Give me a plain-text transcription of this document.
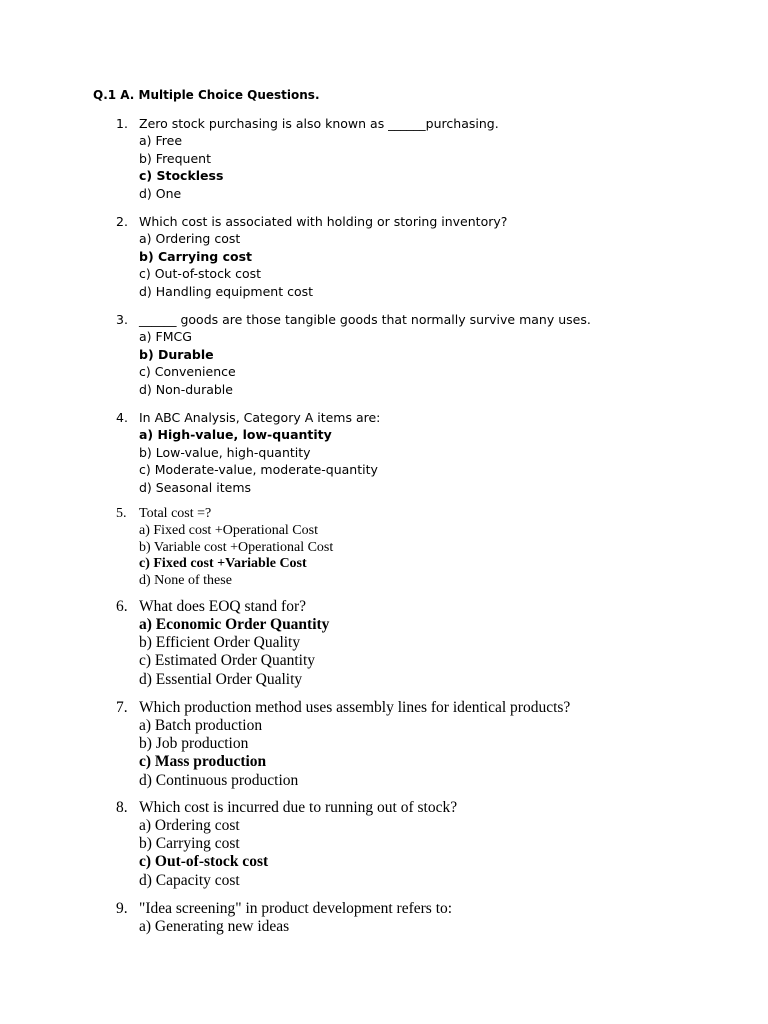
Q.1 A. Multiple Choice Questions.
1. Zero stock purchasing is also known as ______purchasing.
a) Free
b) Frequent
c) Stockless
d) One
2. Which cost is associated with holding or storing inventory?
a) Ordering cost
b) Carrying cost
c) Out-of-stock cost
d) Handling equipment cost
3. ______ goods are those tangible goods that normally survive many uses.
a) FMCG
b) Durable
c) Convenience
d) Non-durable
4. In ABC Analysis, Category A items are:
a) High-value, low-quantity
b) Low-value, high-quantity
c) Moderate-value, moderate-quantity
d) Seasonal items
5. Total cost =?
a) Fixed cost +Operational Cost
b) Variable cost +Operational Cost
c) Fixed cost +Variable Cost
d) None of these
6. What does EOQ stand for?
a) Economic Order Quantity
b) Efficient Order Quality
c) Estimated Order Quantity
d) Essential Order Quality
7. Which production method uses assembly lines for identical products?
a) Batch production
b) Job production
c) Mass production
d) Continuous production
8. Which cost is incurred due to running out of stock?
a) Ordering cost
b) Carrying cost
c) Out-of-stock cost
d) Capacity cost
9. "Idea screening" in product development refers to:
a) Generating new ideas
